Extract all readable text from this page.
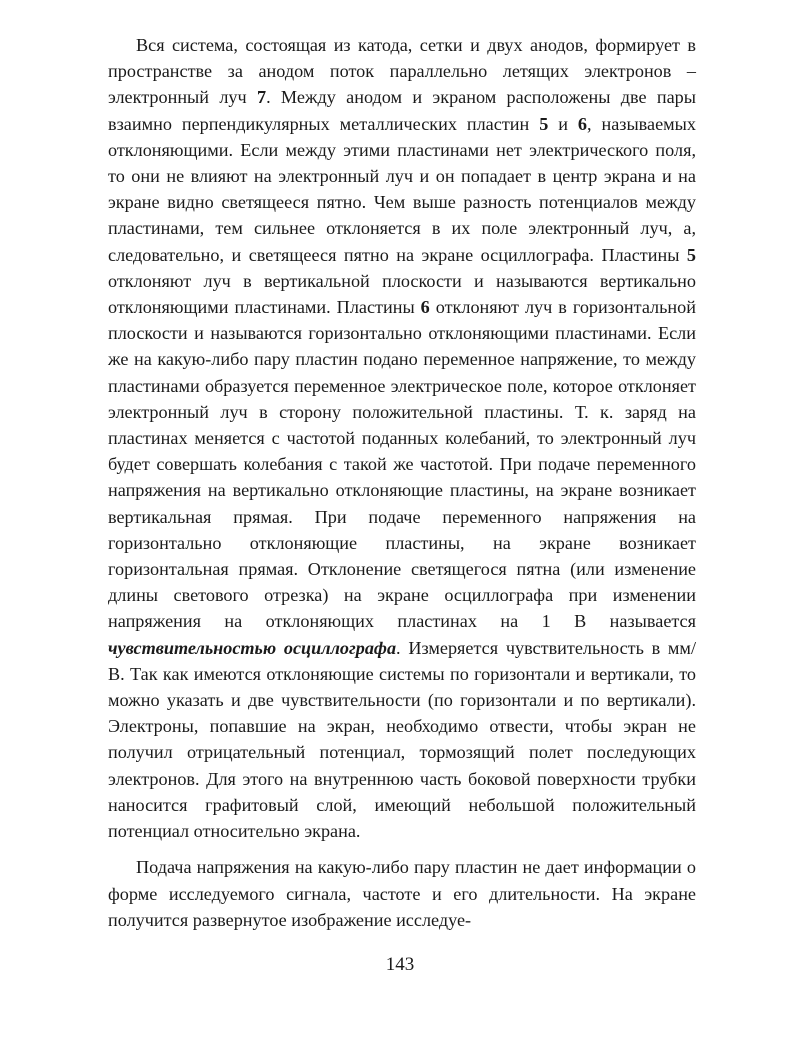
Вся система, состоящая из катода, сетки и двух анодов, формирует в пространстве за анодом поток параллельно летящих электронов – электронный луч 7. Между анодом и экраном расположены две пары взаимно перпендикулярных металлических пластин 5 и 6, называемых отклоняющими. Если между этими пластинами нет электрического поля, то они не влияют на электронный луч и он попадает в центр экрана и на экране видно светящееся пятно. Чем выше разность потенциалов между пластинами, тем сильнее отклоняется в их поле электронный луч, а, следовательно, и светящееся пятно на экране осциллографа. Пластины 5 отклоняют луч в вертикальной плоскости и называются вертикально отклоняющими пластинами. Пластины 6 отклоняют луч в горизонтальной плоскости и называются горизонтально отклоняющими пластинами. Если же на какую-либо пару пластин подано переменное напряжение, то между пластинами образуется переменное электрическое поле, которое отклоняет электронный луч в сторону положительной пластины. Т. к. заряд на пластинах меняется с частотой поданных колебаний, то электронный луч будет совершать колебания с такой же частотой. При подаче переменного напряжения на вертикально отклоняющие пластины, на экране возникает вертикальная прямая. При подаче переменного напряжения на горизонтально отклоняющие пластины, на экране возникает горизонтальная прямая. Отклонение светящегося пятна (или изменение длины светового отрезка) на экране осциллографа при изменении напряжения на отклоняющих пластинах на 1 В называется чувствительностью осциллографа. Измеряется чувствительность в мм/В. Так как имеются отклоняющие системы по горизонтали и вертикали, то можно указать и две чувствительности (по горизонтали и по вертикали). Электроны, попавшие на экран, необходимо отвести, чтобы экран не получил отрицательный потенциал, тормозящий полет последующих электронов. Для этого на внутреннюю часть боковой поверхности трубки наносится графитовый слой, имеющий небольшой положительный потенциал относительно экрана.

Подача напряжения на какую-либо пару пластин не дает информации о форме исследуемого сигнала, частоте и его длительности. На экране получится развернутое изображение исследуе-

143
